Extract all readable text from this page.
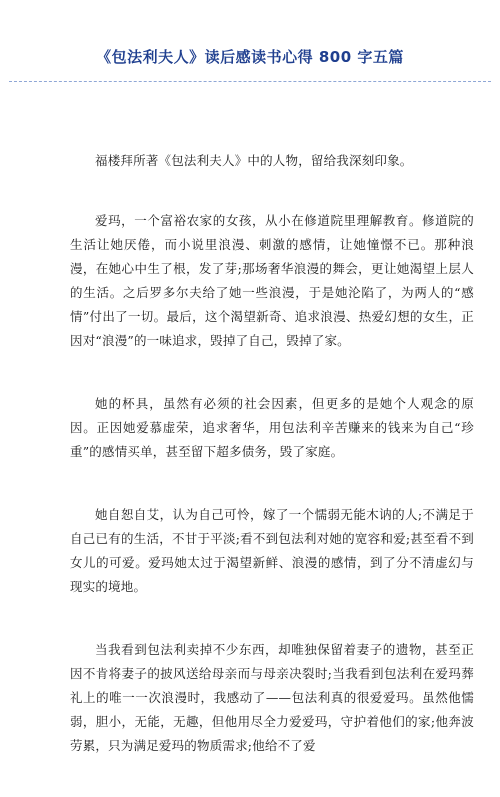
《包法利夫人》读后感读书心得 800 字五篇

福楼拜所著《包法利夫人》中的人物，留给我深刻印象。

爱玛，一个富裕农家的女孩，从小在修道院里理解教育。修道院的生活让她厌倦，而小说里浪漫、刺激的感情，让她憧憬不已。那种浪漫，在她心中生了根，发了芽;那场奢华浪漫的舞会，更让她渴望上层人的生活。之后罗多尔夫给了她一些浪漫，于是她沦陷了，为两人的“感情”付出了一切。最后，这个渴望新奇、追求浪漫、热爱幻想的女生，正因对“浪漫”的一味追求，毁掉了自己，毁掉了家。

她的杯具，虽然有必须的社会因素，但更多的是她个人观念的原因。正因她爱慕虚荣，追求奢华，用包法利辛苦赚来的钱来为自己“珍重”的感情买单，甚至留下超多债务，毁了家庭。

她自恕自艾，认为自己可怜，嫁了一个懦弱无能木讷的人;不满足于自己已有的生活，不甘于平淡;看不到包法利对她的宽容和爱;甚至看不到女儿的可爱。爱玛她太过于渴望新鲜、浪漫的感情，到了分不清虚幻与现实的境地。

当我看到包法利卖掉不少东西，却唯独保留着妻子的遗物，甚至正因不肯将妻子的披风送给母亲而与母亲决裂时;当我看到包法利在爱玛葬礼上的唯一一次浪漫时，我感动了——包法利真的很爱爱玛。虽然他懦弱，胆小，无能，无趣，但他用尽全力爱爱玛，守护着他们的家;他奔波劳累，只为满足爱玛的物质需求;他给不了爱
